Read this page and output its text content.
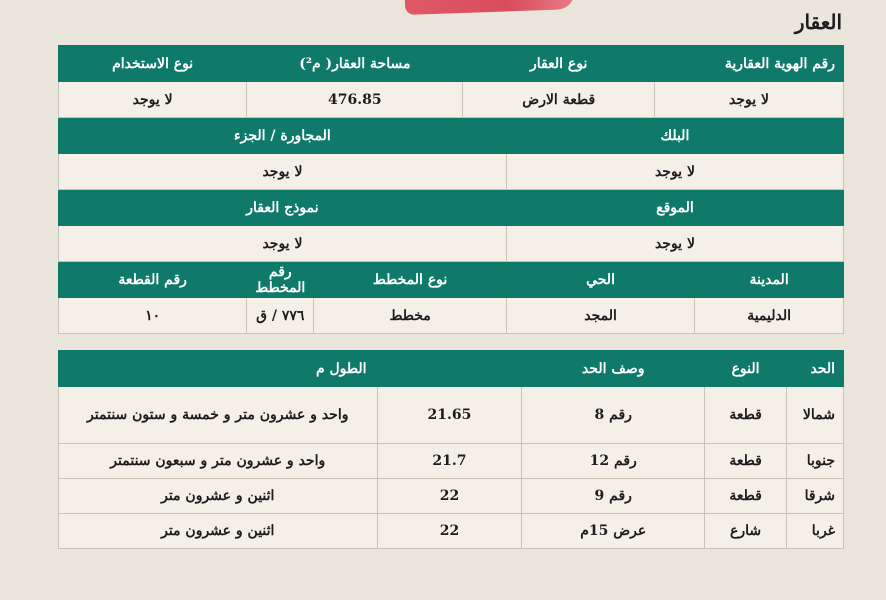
العقار
رقم الهوية العقارية		نوع العقار		مساحة العقار( م²)		نوع الاستخدام
لا يوجد		قطعة الارض		476.85		لا يوجد
البلك			المجاورة / الجزء			
لا يوجد			لا يوجد			
الموقع			نموذج العقار			
لا يوجد			لا يوجد			
المدينة	الحي		نوع المخطط		رقم المخطط	رقم القطعة
الدليمية	المجد		مخطط		٧٧٦ / ق	١٠
الحد	النوع	وصف الحد		الطول م
شمالا	قطعة	رقم 8	21.65	واحد و عشرون متر و خمسة و ستون سنتمتر
جنوبا	قطعة	رقم 12	21.7	واحد و عشرون متر و سبعون سنتمتر
شرقا	قطعة	رقم 9	22	اثنين و عشرون متر
غربا	شارع	عرض 15م	22	اثنين و عشرون متر
